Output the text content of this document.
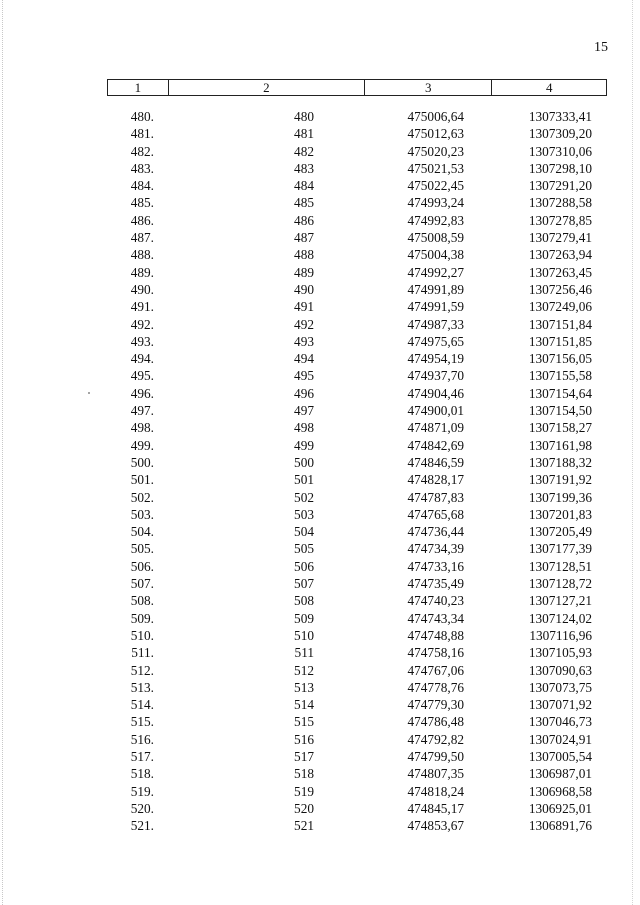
15
1	2	3	4
480.	480	475006,64	1307333,41
481.	481	475012,63	1307309,20
482.	482	475020,23	1307310,06
483.	483	475021,53	1307298,10
484.	484	475022,45	1307291,20
485.	485	474993,24	1307288,58
486.	486	474992,83	1307278,85
487.	487	475008,59	1307279,41
488.	488	475004,38	1307263,94
489.	489	474992,27	1307263,45
490.	490	474991,89	1307256,46
491.	491	474991,59	1307249,06
492.	492	474987,33	1307151,84
493.	493	474975,65	1307151,85
494.	494	474954,19	1307156,05
495.	495	474937,70	1307155,58
496.	496	474904,46	1307154,64
497.	497	474900,01	1307154,50
498.	498	474871,09	1307158,27
499.	499	474842,69	1307161,98
500.	500	474846,59	1307188,32
501.	501	474828,17	1307191,92
502.	502	474787,83	1307199,36
503.	503	474765,68	1307201,83
504.	504	474736,44	1307205,49
505.	505	474734,39	1307177,39
506.	506	474733,16	1307128,51
507.	507	474735,49	1307128,72
508.	508	474740,23	1307127,21
509.	509	474743,34	1307124,02
510.	510	474748,88	1307116,96
511.	511	474758,16	1307105,93
512.	512	474767,06	1307090,63
513.	513	474778,76	1307073,75
514.	514	474779,30	1307071,92
515.	515	474786,48	1307046,73
516.	516	474792,82	1307024,91
517.	517	474799,50	1307005,54
518.	518	474807,35	1306987,01
519.	519	474818,24	1306968,58
520.	520	474845,17	1306925,01
521.	521	474853,67	1306891,76
